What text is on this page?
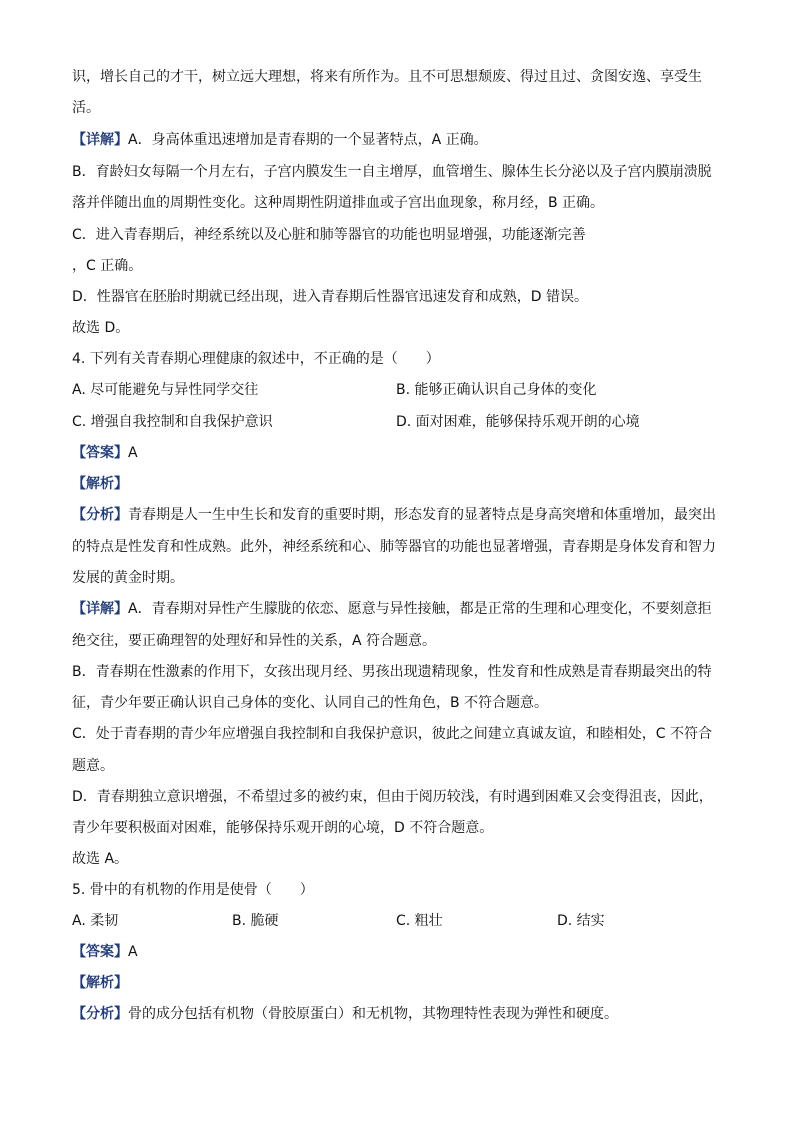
识，增长自己的才干，树立远大理想，将来有所作为。且不可思想颓废、得过且过、贪图安逸、享受生
活。
【详解】A．身高体重迅速增加是青春期的一个显著特点，A 正确。
B．育龄妇女每隔一个月左右，子宫内膜发生一自主增厚，血管增生、腺体生长分泌以及子宫内膜崩溃脱
落并伴随出血的周期性变化。这种周期性阴道排血或子宫出血现象，称月经，B 正确。
C．进入青春期后，神经系统以及心脏和肺等器官的功能也明显增强，功能逐渐完善
，C 正确。
D．性器官在胚胎时期就已经出现，进入青春期后性器官迅速发育和成熟，D 错误。
故选 D。
4. 下列有关青春期心理健康的叙述中，不正确的是（　　）
A. 尽可能避免与异性同学交往	B. 能够正确认识自己身体的变化
C. 增强自我控制和自我保护意识	D. 面对困难，能够保持乐观开朗的心境
【答案】A
【解析】
【分析】青春期是人一生中生长和发育的重要时期，形态发育的显著特点是身高突增和体重增加，最突出
的特点是性发育和性成熟。此外，神经系统和心、肺等器官的功能也显著增强，青春期是身体发育和智力
发展的黄金时期。
【详解】A．青春期对异性产生朦胧的依恋、愿意与异性接触，都是正常的生理和心理变化，不要刻意拒
绝交往，要正确理智的处理好和异性的关系，A 符合题意。
B．青春期在性激素的作用下，女孩出现月经、男孩出现遗精现象，性发育和性成熟是青春期最突出的特
征，青少年要正确认识自己身体的变化、认同自己的性角色，B 不符合题意。
C．处于青春期的青少年应增强自我控制和自我保护意识，彼此之间建立真诚友谊，和睦相处，C 不符合
题意。
D．青春期独立意识增强，不希望过多的被约束，但由于阅历较浅，有时遇到困难又会变得沮丧，因此，
青少年要积极面对困难，能够保持乐观开朗的心境，D 不符合题意。
故选 A。
5. 骨中的有机物的作用是使骨（　　）
A. 柔韧	B. 脆硬	C. 粗壮	D. 结实
【答案】A
【解析】
【分析】骨的成分包括有机物（骨胶原蛋白）和无机物，其物理特性表现为弹性和硬度。
